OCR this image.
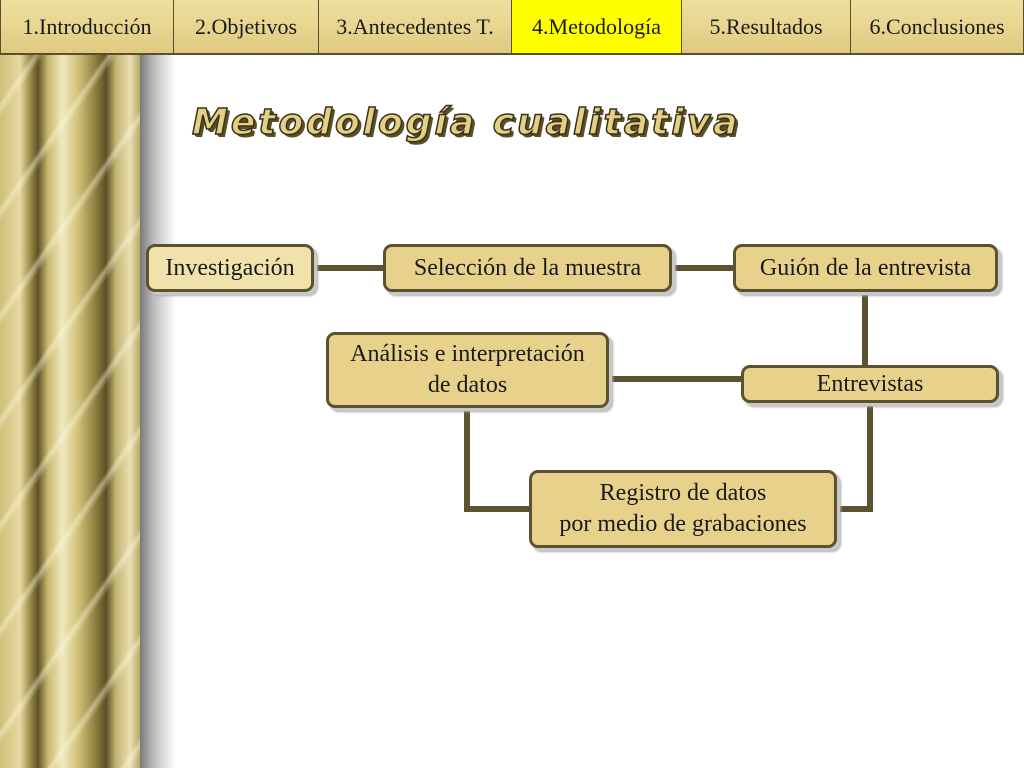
1.Introducción	2.Objetivos	3.Antecedentes T.	4.Metodología	5.Resultados	6.Conclusiones
Metodología cualitativa
Investigación	Selección de la muestra	Guión de la entrevista
Análisis e interpretación
de datos	Entrevistas
Registro de datos
por medio de grabaciones
